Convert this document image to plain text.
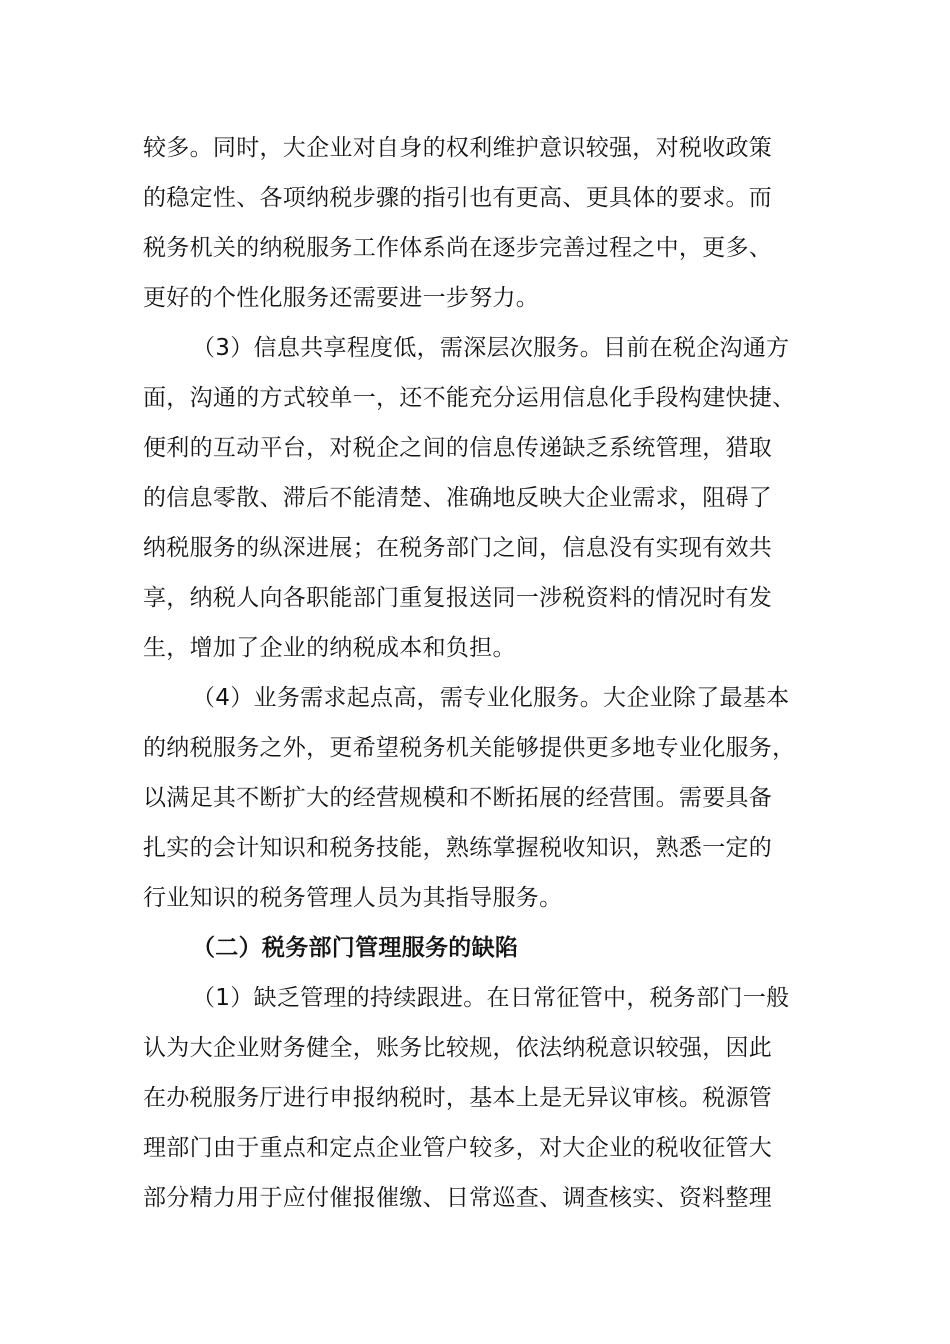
较多。同时，大企业对自身的权利维护意识较强，对税收政策
的稳定性、各项纳税步骤的指引也有更高、更具体的要求。而
税务机关的纳税服务工作体系尚在逐步完善过程之中，更多、
更好的个性化服务还需要进一步努力。
（3）信息共享程度低，需深层次服务。目前在税企沟通方
面，沟通的方式较单一，还不能充分运用信息化手段构建快捷、
便利的互动平台，对税企之间的信息传递缺乏系统管理，猎取
的信息零散、滞后不能清楚、准确地反映大企业需求，阻碍了
纳税服务的纵深进展；在税务部门之间，信息没有实现有效共
享，纳税人向各职能部门重复报送同一涉税资料的情况时有发
生，增加了企业的纳税成本和负担。
（4）业务需求起点高，需专业化服务。大企业除了最基本
的纳税服务之外，更希望税务机关能够提供更多地专业化服务，
以满足其不断扩大的经营规模和不断拓展的经营围。需要具备
扎实的会计知识和税务技能，熟练掌握税收知识，熟悉一定的
行业知识的税务管理人员为其指导服务。
（二）税务部门管理服务的缺陷
（1）缺乏管理的持续跟进。在日常征管中，税务部门一般
认为大企业财务健全，账务比较规，依法纳税意识较强，因此
在办税服务厅进行申报纳税时，基本上是无异议审核。税源管
理部门由于重点和定点企业管户较多，对大企业的税收征管大
部分精力用于应付催报催缴、日常巡查、调查核实、资料整理
